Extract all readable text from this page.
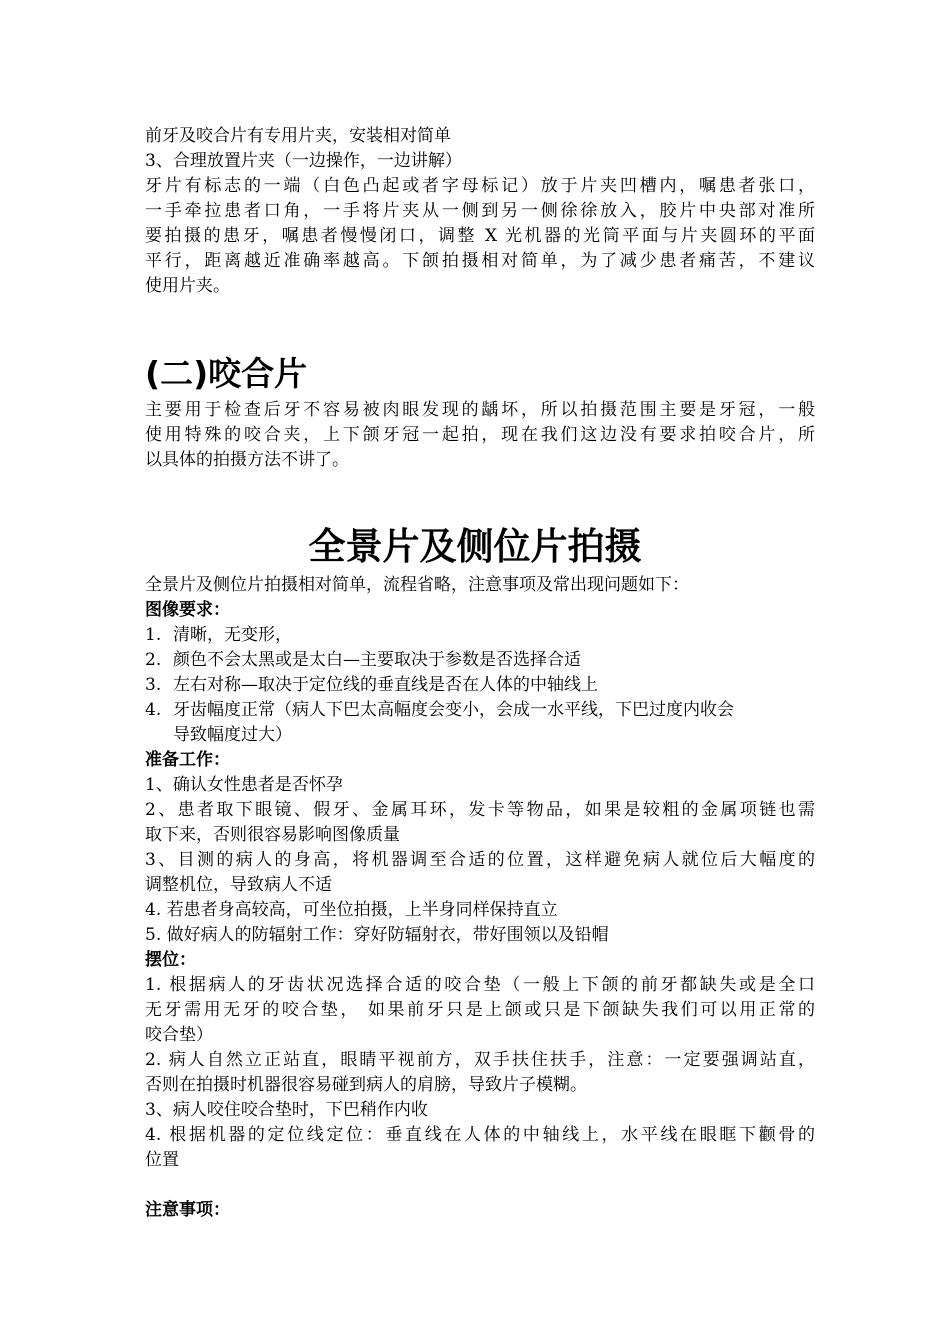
前牙及咬合片有专用片夹，安装相对简单
3、合理放置片夹（一边操作，一边讲解）
牙片有标志的一端（白色凸起或者字母标记）放于片夹凹槽内，嘱患者张口，
一手牵拉患者口角，一手将片夹从一侧到另一侧徐徐放入，胶片中央部对准所
要拍摄的患牙，嘱患者慢慢闭口，调整 X 光机器的光筒平面与片夹圆环的平面
平行，距离越近准确率越高。下颌拍摄相对简单，为了减少患者痛苦，不建议
使用片夹。
(二)咬合片
主要用于检查后牙不容易被肉眼发现的龋坏，所以拍摄范围主要是牙冠，一般
使用特殊的咬合夹，上下颌牙冠一起拍，现在我们这边没有要求拍咬合片，所
以具体的拍摄方法不讲了。
全景片及侧位片拍摄
全景片及侧位片拍摄相对简单，流程省略，注意事项及常出现问题如下：
图像要求：
1. 清晰，无变形，
2. 颜色不会太黑或是太白—主要取决于参数是否选择合适
3. 左右对称—取决于定位线的垂直线是否在人体的中轴线上
4. 牙齿幅度正常（病人下巴太高幅度会变小，会成一水平线，下巴过度内收会
导致幅度过大）
准备工作：
1、确认女性患者是否怀孕
2、患者取下眼镜、假牙、金属耳环，发卡等物品，如果是较粗的金属项链也需
取下来，否则很容易影响图像质量
3、目测的病人的身高，将机器调至合适的位置，这样避免病人就位后大幅度的
调整机位，导致病人不适
4. 若患者身高较高，可坐位拍摄，上半身同样保持直立
5. 做好病人的防辐射工作：穿好防辐射衣，带好围领以及铅帽
摆位：
1. 根据病人的牙齿状况选择合适的咬合垫（一般上下颌的前牙都缺失或是全口
无牙需用无牙的咬合垫， 如果前牙只是上颌或只是下颌缺失我们可以用正常的
咬合垫）
2. 病人自然立正站直，眼睛平视前方，双手扶住扶手，注意：一定要强调站直，
否则在拍摄时机器很容易碰到病人的肩膀，导致片子模糊。
3、病人咬住咬合垫时，下巴稍作内收
4. 根据机器的定位线定位：垂直线在人体的中轴线上，水平线在眼眶下颧骨的
位置
注意事项：
